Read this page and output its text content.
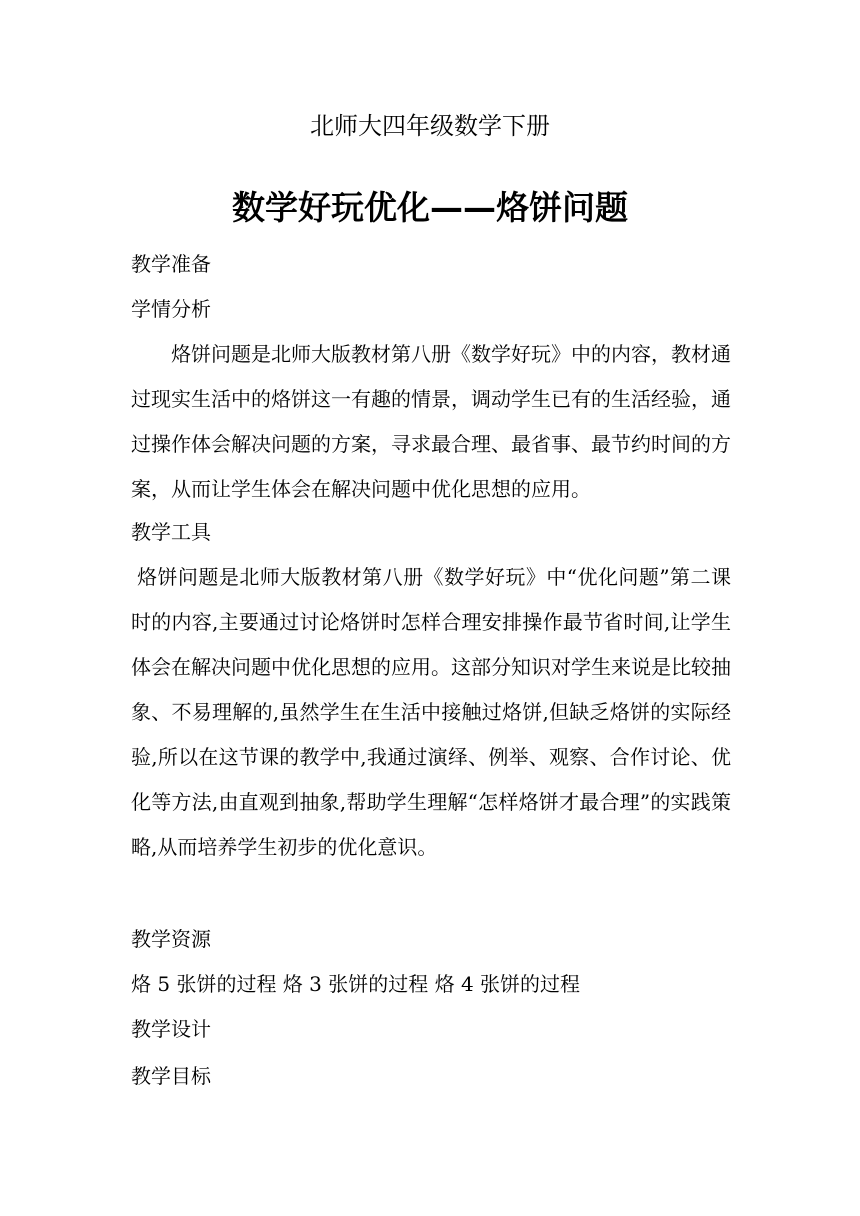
北师大四年级数学下册
数学好玩优化——烙饼问题

教学准备

学情分析

烙饼问题是北师大版教材第八册《数学好玩》中的内容，教材通过现实生活中的烙饼这一有趣的情景，调动学生已有的生活经验，通过操作体会解决问题的方案，寻求最合理、最省事、最节约时间的方案，从而让学生体会在解决问题中优化思想的应用。

教学工具

烙饼问题是北师大版教材第八册《数学好玩》中“优化问题”第二课时的内容,主要通过讨论烙饼时怎样合理安排操作最节省时间,让学生体会在解决问题中优化思想的应用。这部分知识对学生来说是比较抽象、不易理解的,虽然学生在生活中接触过烙饼,但缺乏烙饼的实际经验,所以在这节课的教学中,我通过演绎、例举、观察、合作讨论、优化等方法,由直观到抽象,帮助学生理解“怎样烙饼才最合理”的实践策略,从而培养学生初步的优化意识。

教学资源

烙 5 张饼的过程 烙 3 张饼的过程 烙 4 张饼的过程

教学设计

教学目标
